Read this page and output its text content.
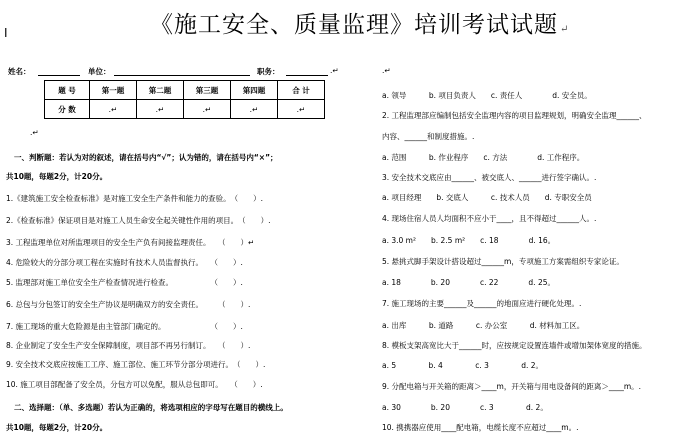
《施工安全、质量监理》培训考试试题 ↵
I
姓名：	单位：	职务：	.↵
题 号	第一题	第二题	第三题	第四题	合 计
分 数	.↵	.↵	.↵	.↵	.↵
.↵
一、判断题：若认为对的叙述，请在括号内“√”；认为错的，请在括号内“×”；
共10题，每题2分，计20分。
1.《建筑施工安全检查标准》是对施工安全生产条件和能力的查验。　（　　）.
2.《检查标准》保证项目是对施工人员生命安全起关键性作用的项目。　（　　）.
3. 工程监理单位对所监理项目的安全生产负有间接监理责任。　　（　　）↵
4. 危险较大的分部分项工程在实施时有技术人员监督执行。　　（　　）.
5. 监理部对施工单位安全生产检查情况进行检查。　　　　　　（　　）.
6. 总包与分包签订的安全生产协议是明确双方的安全责任。　　　（　　）.
7. 施工现场的重大危险源是由主管部门确定的。　　　　　　　（　　）.
8. 企业制定了安全生产安全保障制度，项目部不再另行制订。　　（　　）.
9. 安全技术交底应按施工工序、施工部位、施工环节分部分项进行。　（　　）.
10. 施工项目部配备了安全员，分包方可以免配，服从总包即可。　　（　　）.
二、选择题：（单、多选题）若认为正确的，将选项相应的字母写在题目的横线上。
共10题，每题2分，计20分。
.↵
a. 领导　　　b. 项目负责人　　c. 责任人　　　　d. 安全员。
2. 工程监理部应编制包括安全监理内容的项目监理规划，明确安全监理______、
内容、______和制度措施。.
a. 范围　　　b. 作业程序　　c. 方法　　　　d. 工作程序。
3. 安全技术交底应由______、被交底人、______进行签字确认。.
a. 项目经理　　b. 交底人　　　c. 技术人员　　d. 专职安全员
4. 现场住宿人员人均面积不应小于____，且不得超过______人。.
a. 3.0 m²　　b. 2.5 m²　　c. 18　　　　d. 16。
5. 悬挑式脚手架设计搭设超过______m，专项施工方案需组织专家论证。
a. 18　　　　b. 20　　　　c. 22　　　　d. 25。
7. 施工现场的主要______及______的地面应进行硬化处理。.
a. 出库　　　b. 道路　　　c. 办公室　　　d. 材料加工区。
8. 模板支架高宽比大于______时，应按规定设置连墙件或增加架体宽度的措施。
a. 5　　　　 b. 4　　　　 c. 3　　　　 d. 2。
9. 分配电箱与开关箱的距离＞____m，开关箱与用电设备间的距离＞____m。.
a. 30　　　　b. 20　　　　c. 3　　　　 d. 2。
10. 携携器应使用____配电箱，电缆长度不应超过____m。.
